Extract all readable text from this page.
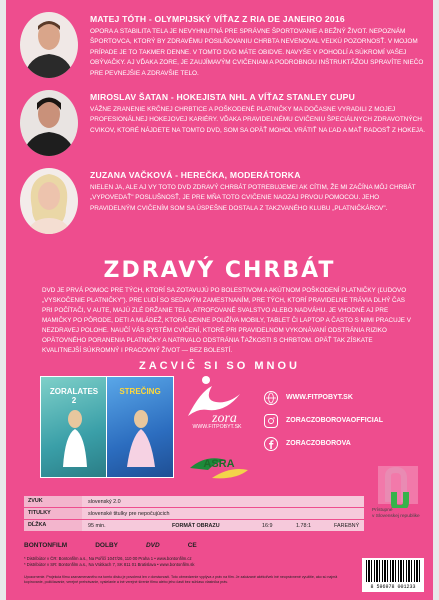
MATEJ TÓTH - OLYMPIJSKÝ VÍŤAZ Z RIA DE JANEIRO 2016
OPORA A STABILITA TELA JE NEVYHNUTNÁ PRE SPRÁVNE ŠPORTOVANIE A BEŽNÝ ŽIVOT. NEPOZNÁM ŠPORTOVCA, KTORÝ BY ZDRAVÉMU POSILŇOVANIU CHRBTA NEVENOVAL VEĽKÚ POZORNOSŤ. V MOJOM PRÍPADE JE TO TAKMER DENNE. V TOMTO DVD MÁTE OBIDVE. NAVYŠE V POHODLÍ A SÚKROMÍ VAŠEJ OBÝVAČKY. AJ VĎAKA ZORE, JE ZAUJÍMAVÝM CVIČENIAM A PODROBNOU INŠTRUKTÁŽOU SPRAVÍTE NIEČO PRE PEVNEJŠIE A ZDRAVŠIE TELO.
MIROSLAV ŠATAN - HOKEJISTA NHL A VÍŤAZ STANLEY CUPU
VÁŽNE ZRANENIE KRČNEJ CHRBTICE A POŠKODENÉ PLATNIČKY MA DOČASNE VYRADILI Z MOJEJ PROFESIONÁLNEJ HOKEJOVEJ KARIÉRY. VĎAKA PRAVIDELNÉMU CVIČENIU ŠPECIÁLNYCH ZDRAVOTNÝCH CVIKOV, KTORÉ NÁJDETE NA TOMTO DVD, SOM SA OPÄŤ MOHOL VRÁTIŤ NA ĽAD A MAŤ RADOSŤ Z HOKEJA.
ZUZANA VAČKOVÁ - HEREČKA, MODERÁTORKA
NIELEN JA, ALE AJ VY TOTO DVD ZDRAVÝ CHRBÁT POTREBUJEME! AK CÍTIM, ŽE MI ZAČÍNA MÔJ CHRBÁT „VYPOVEDAŤ" POSLUŠNOSŤ, JE PRE MŇA TOTO CVIČENIE NAOZAJ PRVOU POMOCOU. JEHO PRAVIDELNÝM CVIČENÍM SOM SA ÚSPEŠNE DOSTALA Z TAKZVANÉHO KLUBU „PLATNIČKÁROV".
ZDRAVÝ CHRBÁT
DVD JE PRVÁ POMOC PRE TÝCH, KTORÍ SA ZOTAVUJÚ PO BOLESTIVOM A AKÚTNOM POŠKODENÍ PLATNIČKY (ĽUDOVO „VYSKOČENIE PLATNIČKY"). PRE ĽUDÍ SO SEDAVÝM ZAMESTNANÍM, PRE TÝCH, KTORÍ PRAVIDELNE TRÁVIA DLHÝ ČAS PRI POČÍTAČI, V AUTE, MAJÚ ZLÉ DRŽANIE TELA, ATROFOVANÉ SVALSTVO ALEBO NADVÁHU. JE VHODNÉ AJ PRE MAMIČKY PO PÔRODE, DETI A MLÁDEŽ, KTORÁ DENNE POUŽÍVA MOBILY, TABLET ČI LAPTOP A ČASTO S NIMI PRACUJE V NEZDRAVEJ POLOHE. NAUČÍ VÁS SYSTÉM CVIČENÍ, KTORÉ PRI PRAVIDELNOM VYKONÁVANÍ ODSTRÁNIA RIZIKO OPÄTOVNÉHO PORANENIA PLATNIČKY A NATRVALO ODSTRÁNIA ŤAŽKOSTI S CHRBTOM. OPÄŤ TAK ZÍSKATE KVALITNEJŠÍ SÚKROMNÝ I PRACOVNÝ ŽIVOT — BEZ BOLESTÍ.
ZACVIČ SI SO MNOU
ZORALATES 2
STREČING
zora
WWW.FITPOBYT.SK
ASRA
WWW.FITPOBYT.SK
ZORACZOBOROVAOFFICIAL
ZORACZOBOROVA
Prístupné
v Slovenskej republike
ZVUK	slovenský 2.0
TITULKY	slovenské titulky pre nepočujúcich
DĹŽKA	95 min.	FORMÁT OBRAZU	16:9	1.78:1	FAREBNÝ
BONTONFILM	DOLBY	DVD	CE
* Distribútor v ČR: Bontonfilm a.s., Na Poříčí 1047/26, 110 00 Praha 1 • www.bontonfilm.cz
* Distribútor v SR: Bontonfilm a.s., Na Vrátkach 7, SK 811 01 Bratislava • www.bontonfilm.sk
Upozornenie. Projekcia filmu zaznamenaného na tomto disku je povolená len v domácnosti. Toto obmedzenie vyplýva z práv na film. Je zakázané akékoľvek iné neoprávnené využitie, ako sú najmä kopírovanie, požičiavanie, verejné prehrávanie, vysielanie a iné verejné šírenie filmu alebo jeho časti bez súhlasu vlastníka práv.
8 596978 001233
